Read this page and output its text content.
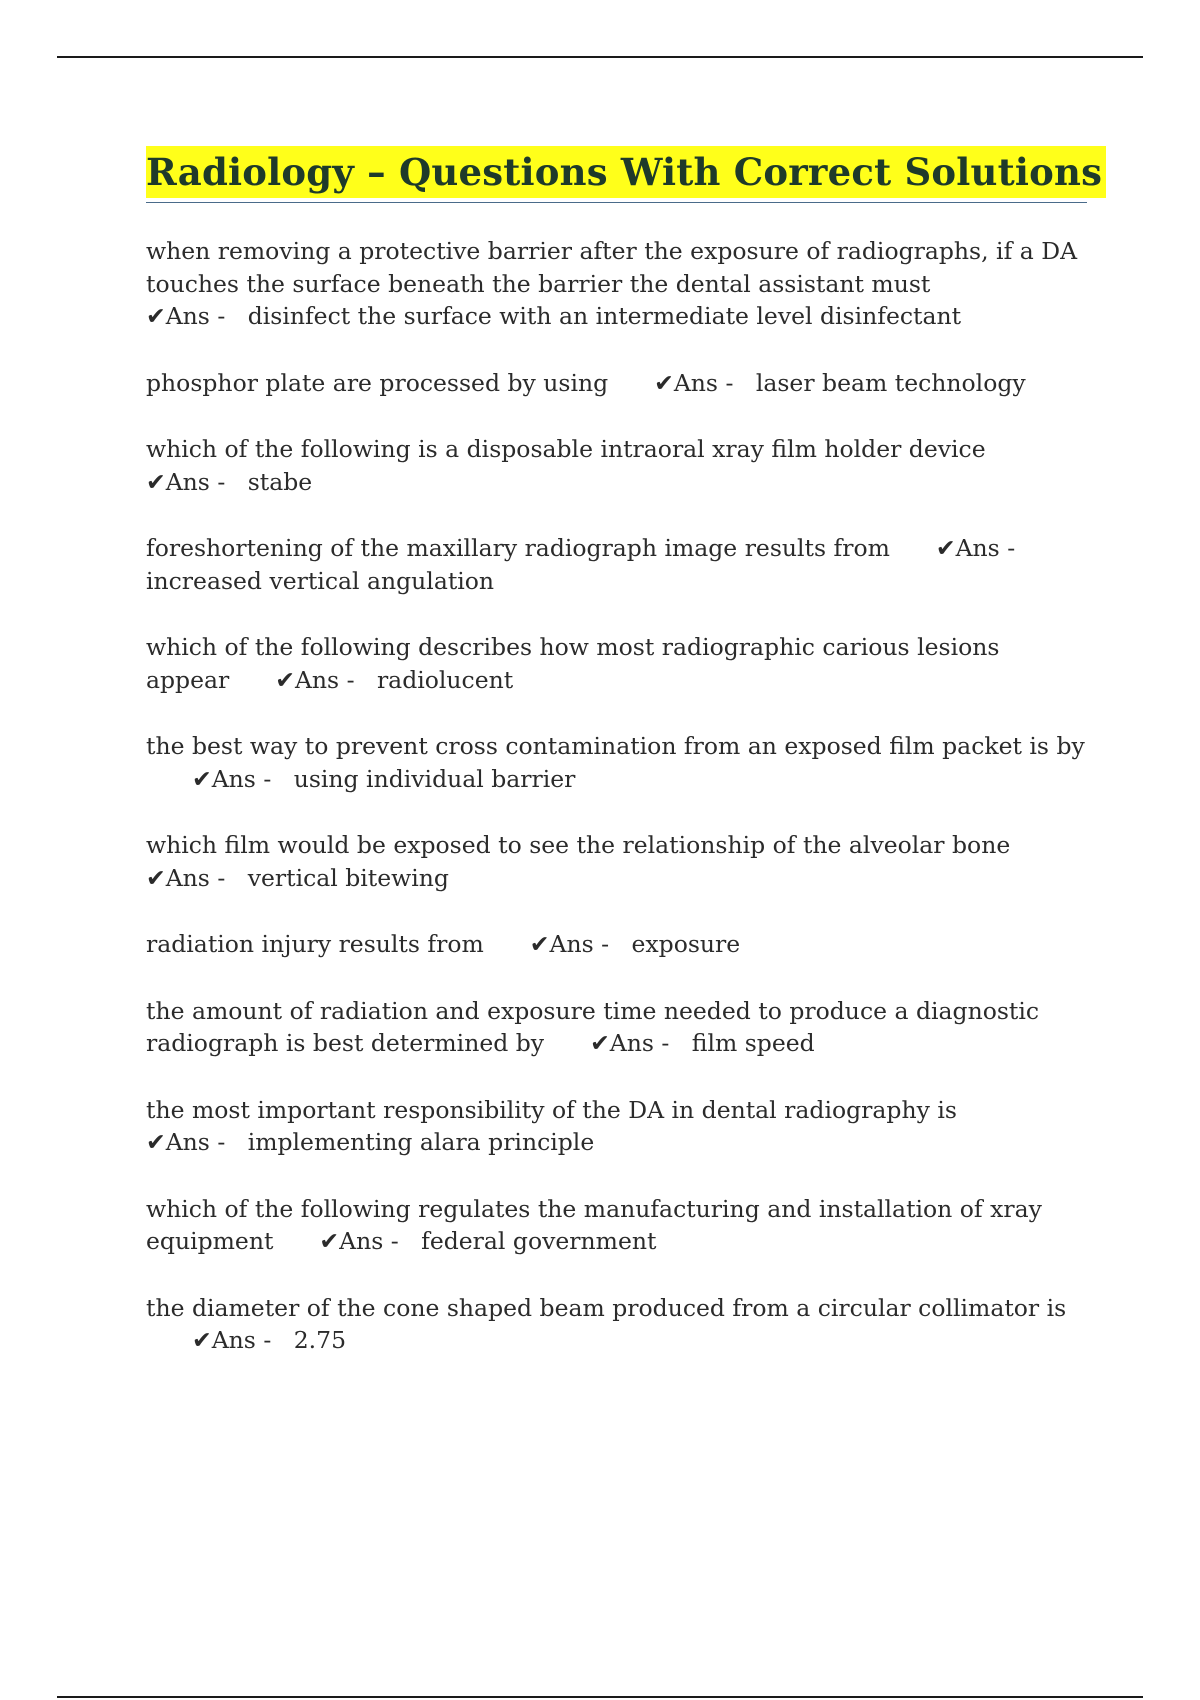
Radiology – Questions With Correct Solutions

when removing a protective barrier after the exposure of radiographs, if a DA touches the surface beneath the barrier the dental assistant must ✔Ans - disinfect the surface with an intermediate level disinfectant

phosphor plate are processed by using ✔Ans - laser beam technology

which of the following is a disposable intraoral xray film holder device
✔Ans - stabe

foreshortening of the maxillary radiograph image results from ✔Ans -
increased vertical angulation

which of the following describes how most radiographic carious lesions appear ✔Ans - radiolucent

the best way to prevent cross contamination from an exposed film packet is by✔Ans - using individual barrier

which film would be exposed to see the relationship of the alveolar bone
✔Ans - vertical bitewing

radiation injury results from ✔Ans - exposure

the amount of radiation and exposure time needed to produce a diagnostic radiograph is best determined by ✔Ans - film speed

the most important responsibility of the DA in dental radiography is
✔Ans - implementing alara principle

which of the following regulates the manufacturing and installation of xray equipment ✔Ans - federal government

the diameter of the cone shaped beam produced from a circular collimator is✔Ans - 2.75
